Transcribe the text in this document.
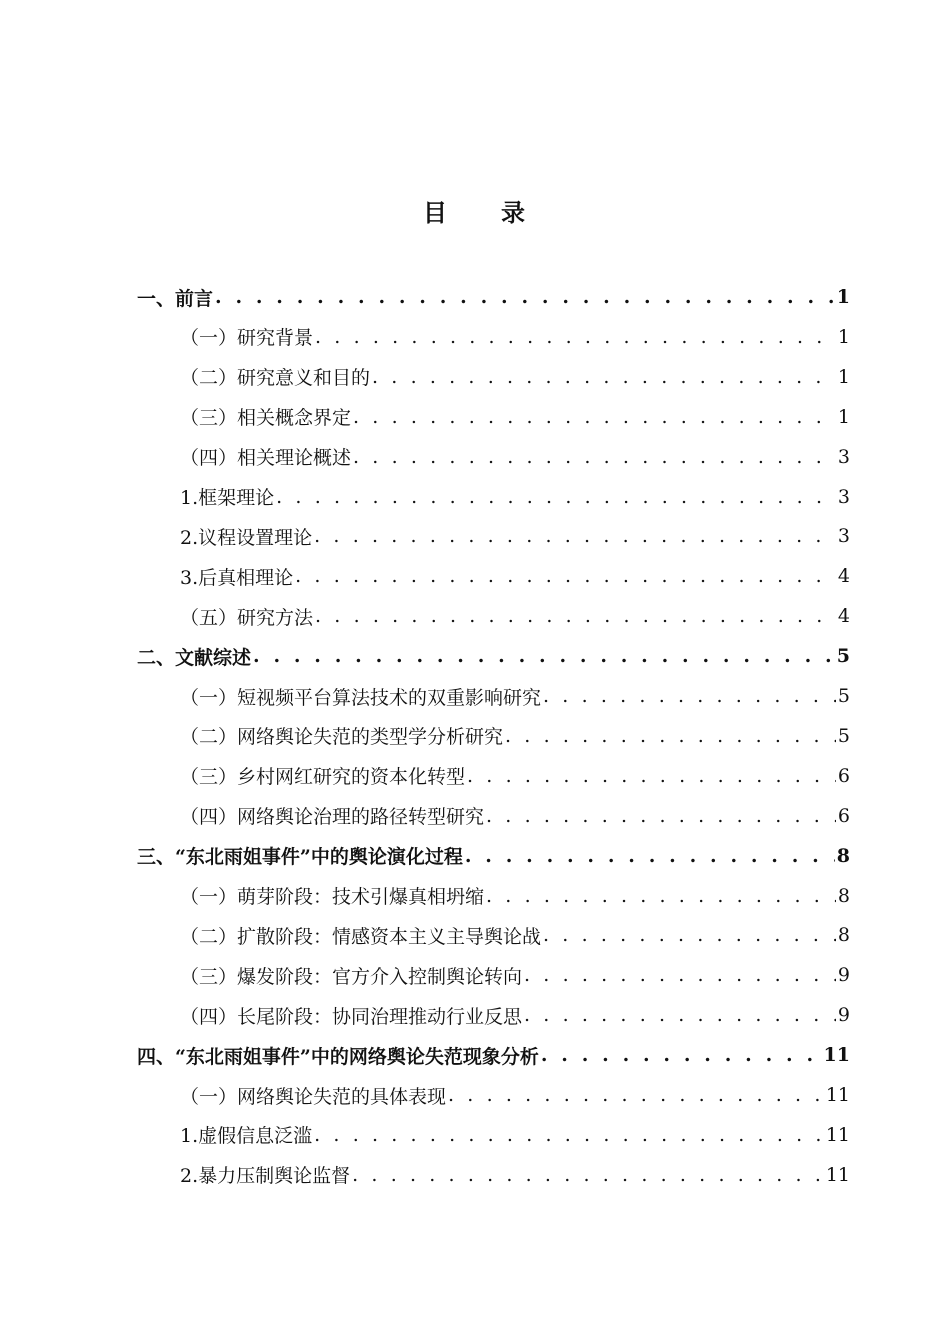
目 录
一、前言 . . .	1
（一）研究背景 . . .	1
（二）研究意义和目的 . . .	1
（三）相关概念界定 . . .	1
（四）相关理论概述 . . .	3
1.框架理论 . . .	3
2.议程设置理论 . . .	3
3.后真相理论 . . .	4
（五）研究方法 . . .	4
二、文献综述 . . .	5
（一）短视频平台算法技术的双重影响研究 . . .	5
（二）网络舆论失范的类型学分析研究 . . .	5
（三）乡村网红研究的资本化转型 . . .	6
（四）网络舆论治理的路径转型研究 . . .	6
三、“东北雨姐事件”中的舆论演化过程 . . .	8
（一）萌芽阶段：技术引爆真相坍缩 . . .	8
（二）扩散阶段：情感资本主义主导舆论战 . . .	8
（三）爆发阶段：官方介入控制舆论转向 . . .	9
（四）长尾阶段：协同治理推动行业反思 . . .	9
四、“东北雨姐事件”中的网络舆论失范现象分析 . . .	11
（一）网络舆论失范的具体表现 . . .	11
1.虚假信息泛滥 . . .	11
2.暴力压制舆论监督 . . .	11
